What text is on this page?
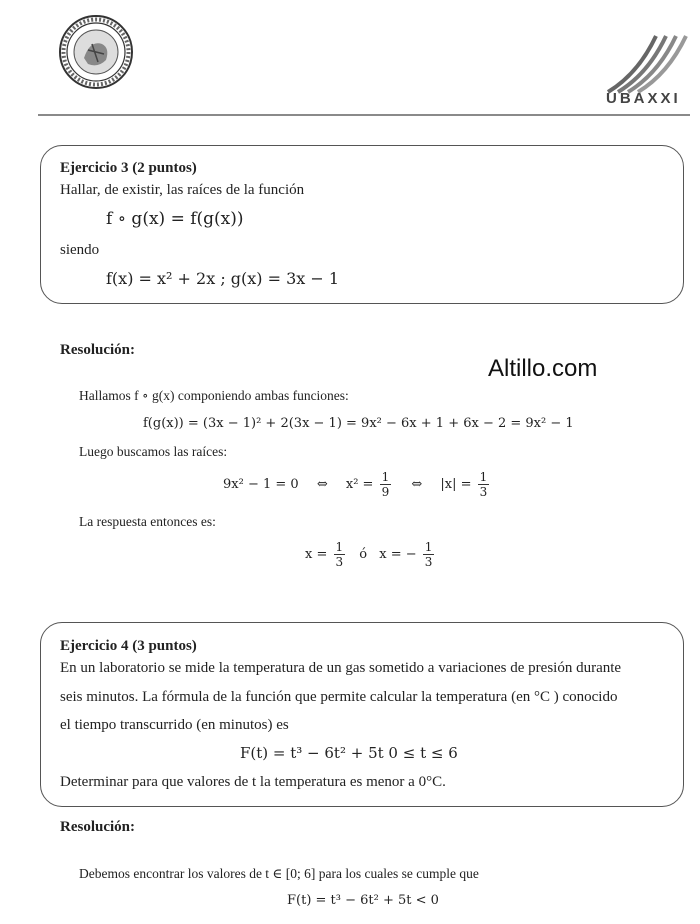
UBAXXI
Ejercicio 3 (2 puntos)
Hallar, de existir, las raíces de la función
f ∘ g(x) = f(g(x))
siendo
f(x) = x² + 2x ; g(x) = 3x − 1
Resolución:
Altillo.com
Hallamos f ∘ g(x) componiendo ambas funciones:
f(g(x)) = (3x − 1)² + 2(3x − 1) = 9x² − 6x + 1 + 6x − 2 = 9x² − 1
Luego buscamos las raíces:
9x² − 1 = 0 ⇔ $x^2 = \frac{1}{9}$ ⇔ $|x| = \frac{1}{3}$
La respuesta entonces es:
$x = \frac{1}{3}$ ó x = − $\frac{1}{3}$
Ejercicio 4 (3 puntos)
En un laboratorio se mide la temperatura de un gas sometido a variaciones de presión durante
seis minutos. La fórmula de la función que permite calcular la temperatura (en °C ) conocido
el tiempo transcurrido (en minutos) es
F(t) = t³ − 6t² + 5t 0 ≤ t ≤ 6
Determinar para que valores de t la temperatura es menor a 0°C.
Resolución:
Debemos encontrar los valores de t ∈ [0; 6] para los cuales se cumple que
F(t) = t³ − 6t² + 5t < 0
